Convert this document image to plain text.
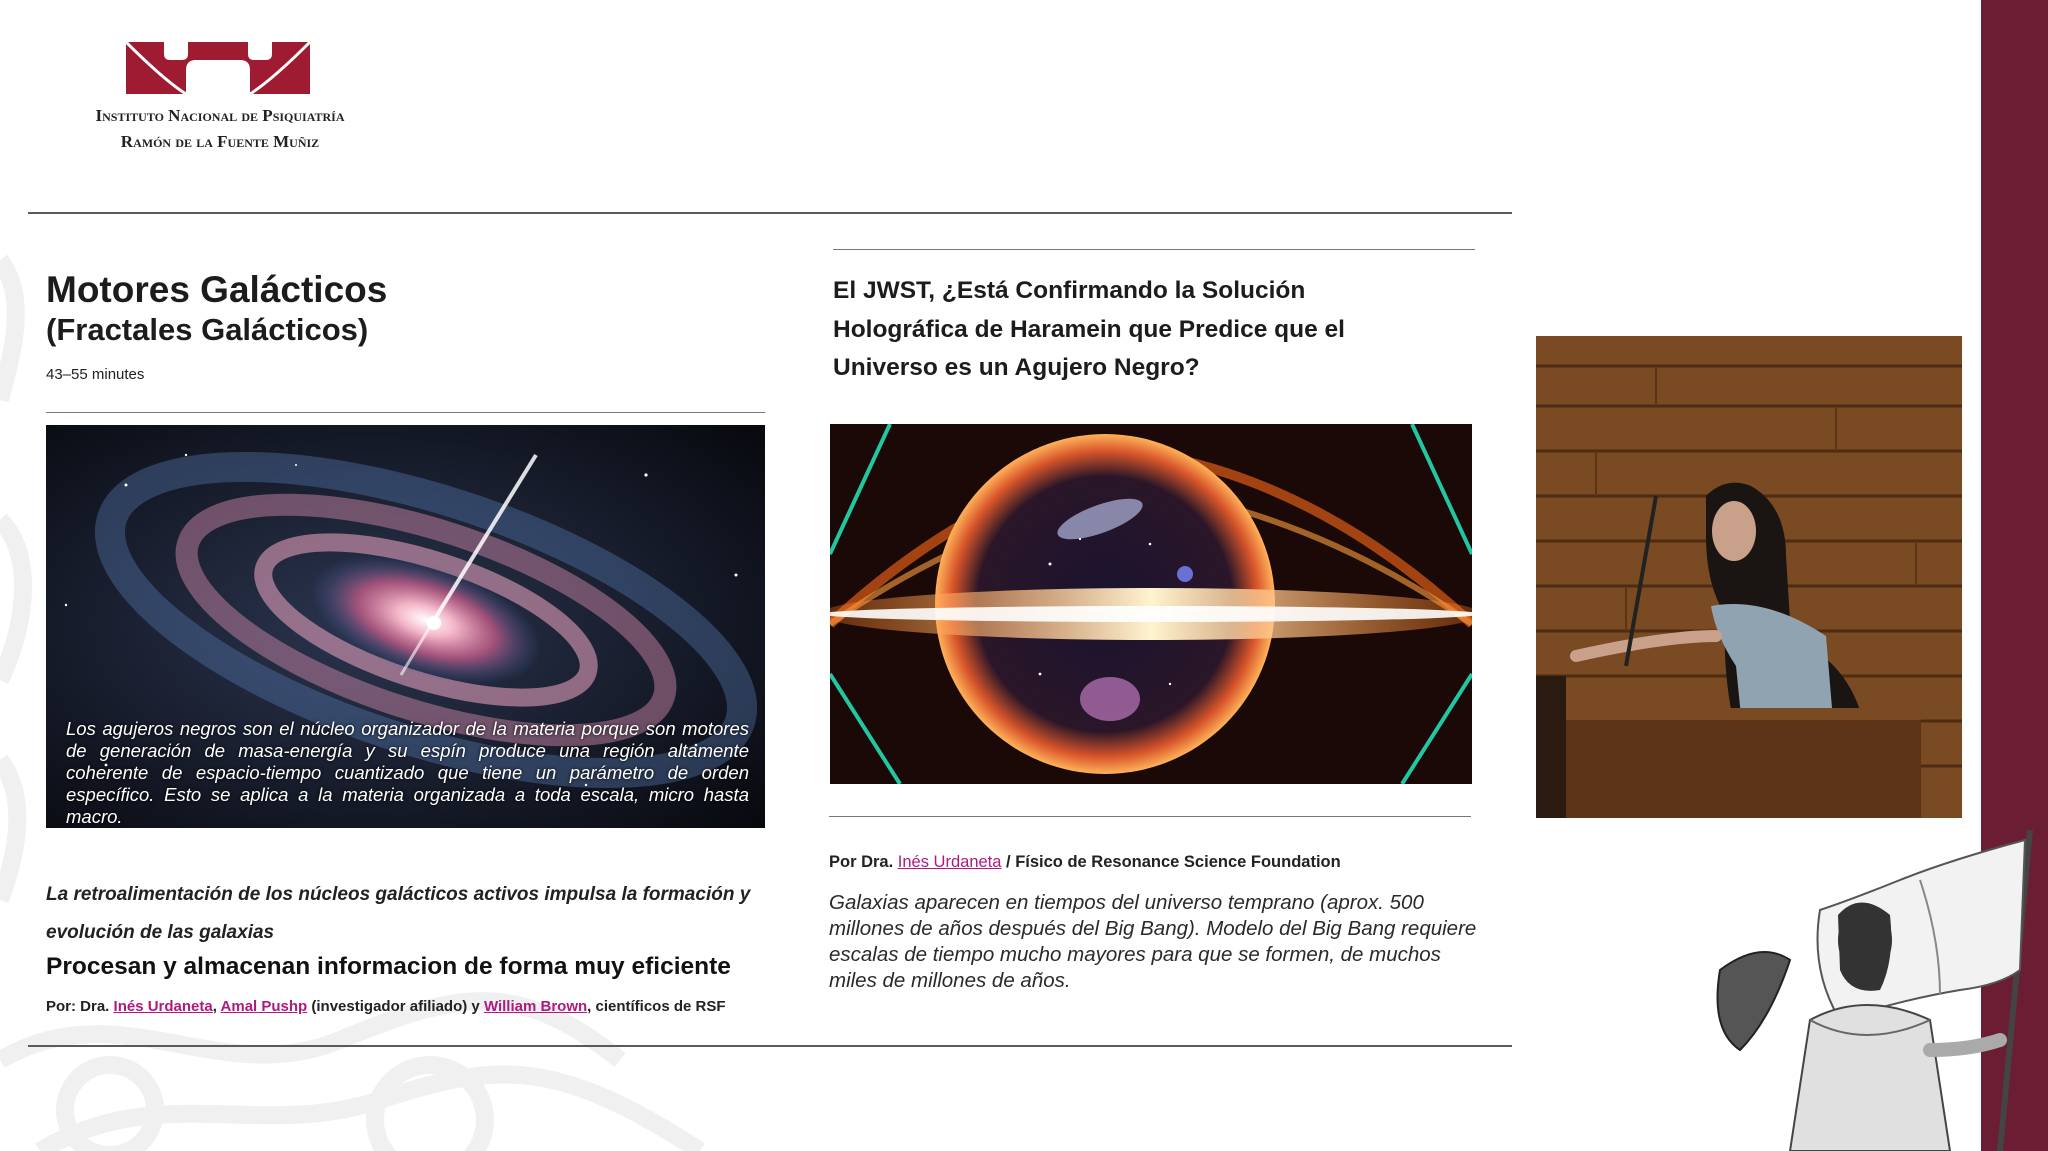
Instituto Nacional de Psiquiatría
Ramón de la Fuente Muñiz
Motores Galácticos
(Fractales Galácticos)
43–55 minutes
Los agujeros negros son el núcleo organizador de la materia porque son motores de generación de masa-energía y su espín produce una región altamente coherente de espacio-tiempo cuantizado que tiene un parámetro de orden específico. Esto se aplica a la materia organizada a toda escala, micro hasta macro.
La retroalimentación de los núcleos galácticos activos impulsa la formación y evolución de las galaxias
Procesan y almacenan informacion de forma muy eficiente
Por: Dra. Inés Urdaneta, Amal Pushp (investigador afiliado) y William Brown, científicos de RSF
El JWST, ¿Está Confirmando la Solución Holográfica de Haramein que Predice que el Universo es un Agujero Negro?
Por Dra. Inés Urdaneta / Físico de Resonance Science Foundation
Galaxias aparecen en tiempos del universo temprano (aprox. 500 millones de años después del Big Bang). Modelo del Big Bang requiere escalas de tiempo mucho mayores para que se formen, de muchos miles de millones de años.
